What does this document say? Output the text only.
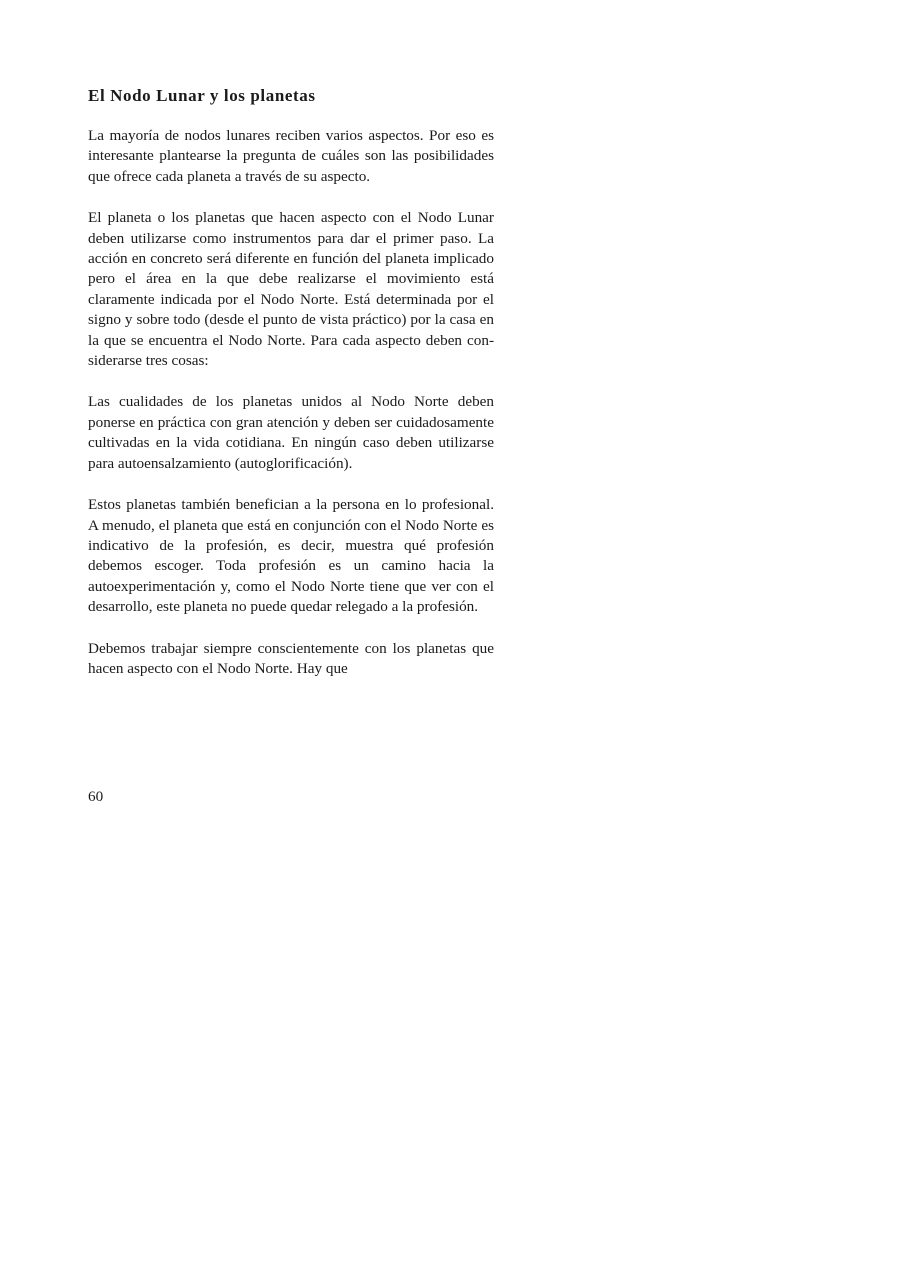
El Nodo Lunar y los planetas

La mayoría de nodos lunares reciben varios aspectos. Por eso es interesante plantearse la pregunta de cuáles son las posibilidades que ofrece cada planeta a través de su aspecto.

El planeta o los planetas que hacen aspecto con el Nodo Lunar deben utilizarse como instrumentos para dar el primer paso. La acción en concreto será diferente en función del planeta implicado pero el área en la que debe realizarse el movimiento está claramente indicada por el Nodo Norte. Está determinada por el signo y sobre todo (desde el punto de vista práctico) por la casa en la que se encuentra el Nodo Norte. Para cada aspecto deben considerarse tres cosas:

Las cualidades de los planetas unidos al Nodo Norte deben ponerse en práctica con gran atención y deben ser cuidadosamente cultivadas en la vida cotidiana. En ningún caso deben utilizarse para autoensalzamiento (autoglorificación).

Estos planetas también benefician a la persona en lo profesional. A menudo, el planeta que está en conjunción con el Nodo Norte es indicativo de la profesión, es decir, muestra qué profesión debemos escoger. Toda profesión es un camino hacia la autoexperimentación y, como el Nodo Norte tiene que ver con el desarrollo, este planeta no puede quedar relegado a la profesión.

Debemos trabajar siempre conscientemente con los planetas que hacen aspecto con el Nodo Norte. Hay que

60
